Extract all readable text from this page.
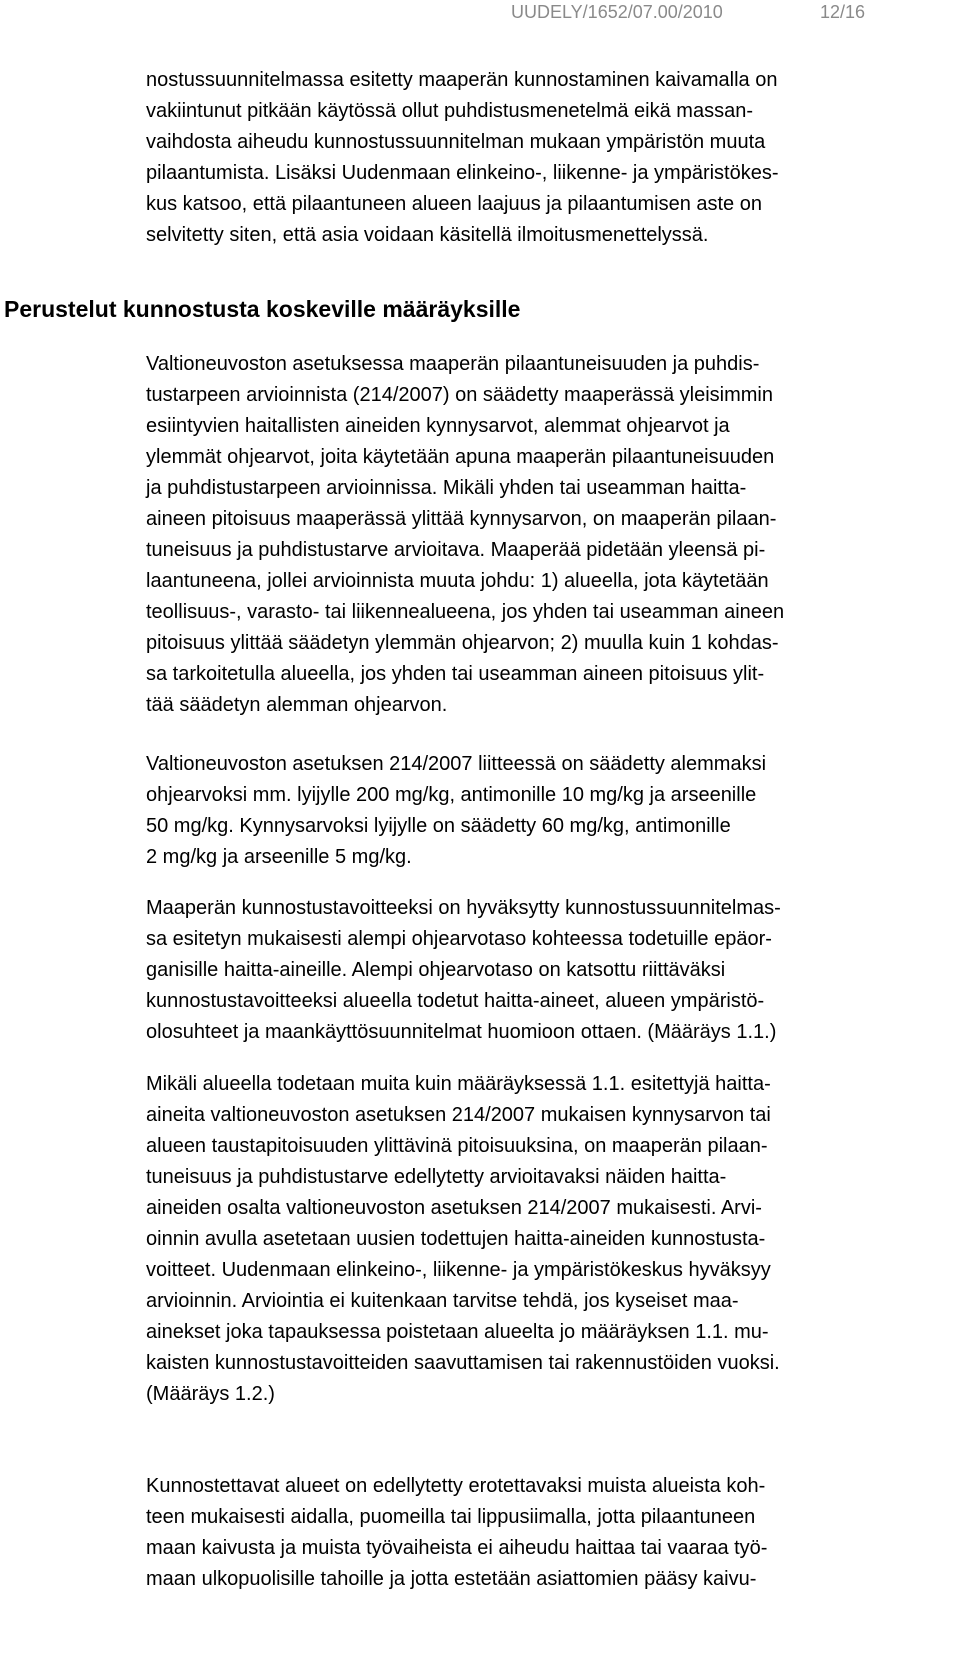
UUDELY/1652/07.00/2010	12/16

nostussuunnitelmassa esitetty maaperän kunnostaminen kaivamalla on
vakiintunut pitkään käytössä ollut puhdistusmenetelmä eikä massan-
vaihdosta aiheudu kunnostussuunnitelman mukaan ympäristön muuta
pilaantumista. Lisäksi Uudenmaan elinkeino-, liikenne- ja ympäristökes-
kus katsoo, että pilaantuneen alueen laajuus ja pilaantumisen aste on
selvitetty siten, että asia voidaan käsitellä ilmoitusmenettelyssä.

Perustelut kunnostusta koskeville määräyksille

Valtioneuvoston asetuksessa maaperän pilaantuneisuuden ja puhdis-
tustarpeen arvioinnista (214/2007) on säädetty maaperässä yleisimmin
esiintyvien haitallisten aineiden kynnysarvot, alemmat ohjearvot ja
ylemmät ohjearvot, joita käytetään apuna maaperän pilaantuneisuuden
ja puhdistustarpeen arvioinnissa. Mikäli yhden tai useamman haitta-
aineen pitoisuus maaperässä ylittää kynnysarvon, on maaperän pilaan-
tuneisuus ja puhdistustarve arvioitava. Maaperää pidetään yleensä pi-
laantuneena, jollei arvioinnista muuta johdu: 1) alueella, jota käytetään
teollisuus-, varasto- tai liikennealueena, jos yhden tai useamman aineen
pitoisuus ylittää säädetyn ylemmän ohjearvon; 2) muulla kuin 1 kohdas-
sa tarkoitetulla alueella, jos yhden tai useamman aineen pitoisuus ylit-
tää säädetyn alemman ohjearvon.

Valtioneuvoston asetuksen 214/2007 liitteessä on säädetty alemmaksi
ohjearvoksi mm. lyijylle 200 mg/kg, antimonille 10 mg/kg ja arseenille
50 mg/kg. Kynnysarvoksi lyijylle on säädetty 60 mg/kg, antimonille
2 mg/kg ja arseenille 5 mg/kg.

Maaperän kunnostustavoitteeksi on hyväksytty kunnostussuunnitelmas-
sa esitetyn mukaisesti alempi ohjearvotaso kohteessa todetuille epäor-
ganisille haitta-aineille. Alempi ohjearvotaso on katsottu riittäväksi
kunnostustavoitteeksi alueella todetut haitta-aineet, alueen ympäristö-
olosuhteet ja maankäyttösuunnitelmat huomioon ottaen. (Määräys 1.1.)

Mikäli alueella todetaan muita kuin määräyksessä 1.1. esitettyjä haitta-
aineita valtioneuvoston asetuksen 214/2007 mukaisen kynnysarvon tai
alueen taustapitoisuuden ylittävinä pitoisuuksina, on maaperän pilaan-
tuneisuus ja puhdistustarve edellytetty arvioitavaksi näiden haitta-
aineiden osalta valtioneuvoston asetuksen 214/2007 mukaisesti. Arvi-
oinnin avulla asetetaan uusien todettujen haitta-aineiden kunnostusta-
voitteet. Uudenmaan elinkeino-, liikenne- ja ympäristökeskus hyväksyy
arvioinnin. Arviointia ei kuitenkaan tarvitse tehdä, jos kyseiset maa-
ainekset joka tapauksessa poistetaan alueelta jo määräyksen 1.1. mu-
kaisten kunnostustavoitteiden saavuttamisen tai rakennustöiden vuoksi.
(Määräys 1.2.)

Kunnostettavat alueet on edellytetty erotettavaksi muista alueista koh-
teen mukaisesti aidalla, puomeilla tai lippusiimalla, jotta pilaantuneen
maan kaivusta ja muista työvaiheista ei aiheudu haittaa tai vaaraa työ-
maan ulkopuolisille tahoille ja jotta estetään asiattomien pääsy kaivu-
